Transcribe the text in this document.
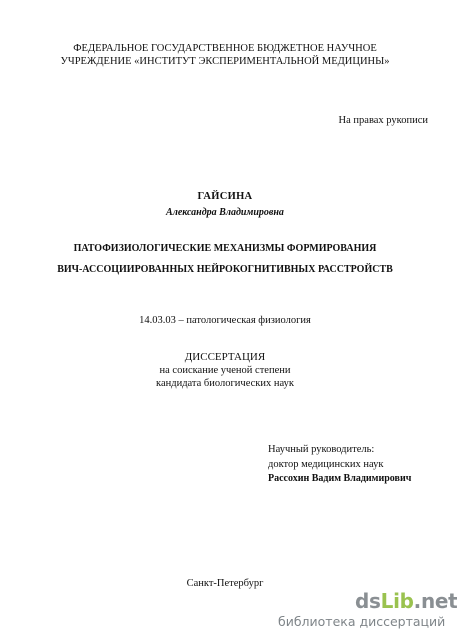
ФЕДЕРАЛЬНОЕ ГОСУДАРСТВЕННОЕ БЮДЖЕТНОЕ НАУЧНОЕ
УЧРЕЖДЕНИЕ «ИНСТИТУТ ЭКСПЕРИМЕНТАЛЬНОЙ МЕДИЦИНЫ»
На правах рукописи
ГАЙСИНА
Александра Владимировна
ПАТОФИЗИОЛОГИЧЕСКИЕ МЕХАНИЗМЫ ФОРМИРОВАНИЯ
ВИЧ-АССОЦИИРОВАННЫХ НЕЙРОКОГНИТИВНЫХ РАССТРОЙСТВ
14.03.03 – патологическая физиология
ДИССЕРТАЦИЯ
на соискание ученой степени
кандидата биологических наук
Научный руководитель:
доктор медицинских наук
Рассохин Вадим Владимирович
Санкт-Петербург
dsLib.net
библиотека диссертаций
